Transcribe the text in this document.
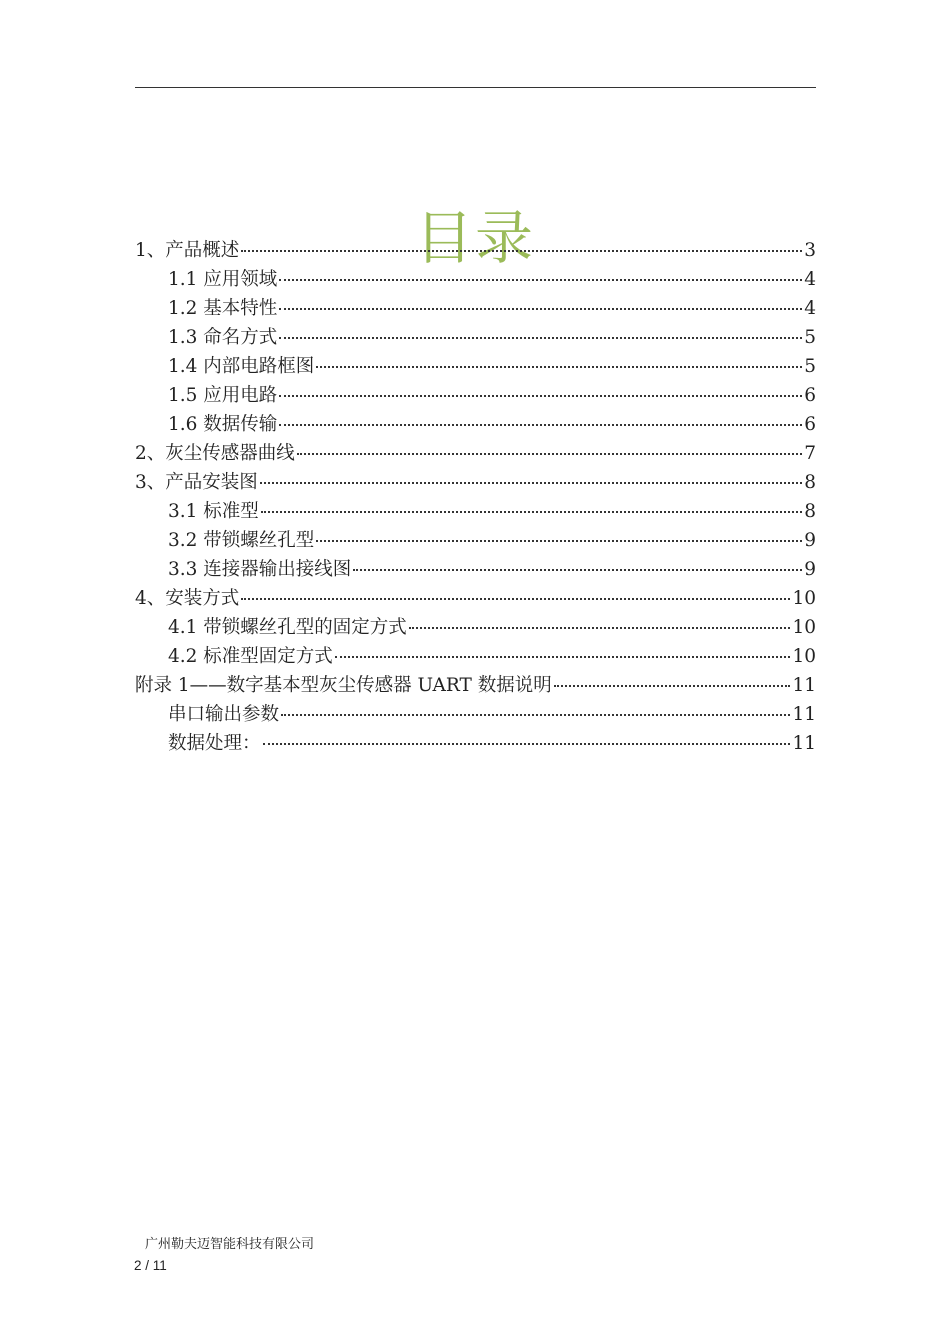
目录
1、产品概述	3
1.1 应用领域	4
1.2 基本特性	4
1.3 命名方式	5
1.4 内部电路框图	5
1.5 应用电路	6
1.6 数据传输	6
2、灰尘传感器曲线	7
3、产品安装图	8
3.1 标准型	8
3.2 带锁螺丝孔型	9
3.3 连接器输出接线图	9
4、安装方式	10
4.1 带锁螺丝孔型的固定方式	10
4.2 标准型固定方式	10
附录 1——数字基本型灰尘传感器 UART 数据说明	11
串口输出参数	11
数据处理：	11
广州勒夫迈智能科技有限公司
2 / 11
